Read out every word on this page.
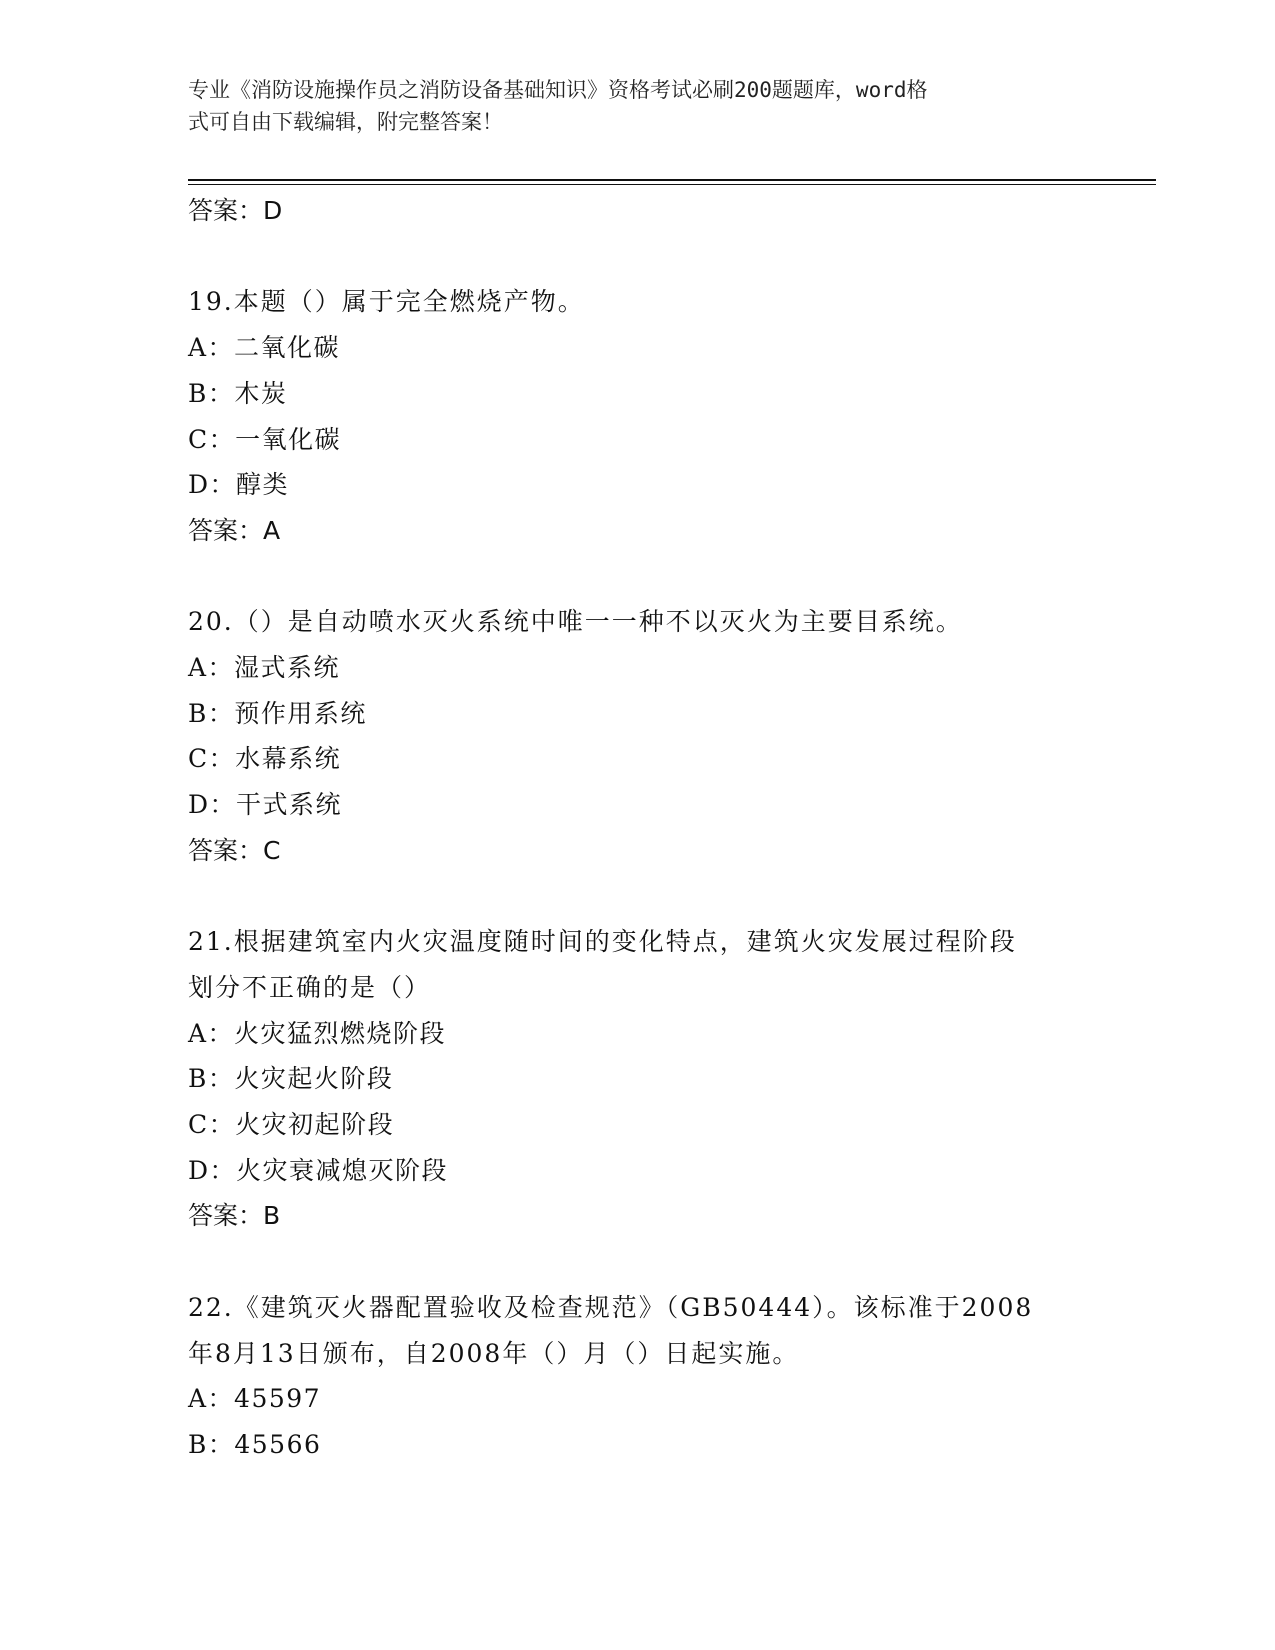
专业《消防设施操作员之消防设备基础知识》资格考试必刷200题题库，word格
式可自由下载编辑，附完整答案！
答案：D
19.本题（）属于完全燃烧产物。
A：二氧化碳
B：木炭
C：一氧化碳
D：醇类
答案：A
20.（）是自动喷水灭火系统中唯一一种不以灭火为主要目系统。
A：湿式系统
B：预作用系统
C：水幕系统
D：干式系统
答案：C
21.根据建筑室内火灾温度随时间的变化特点，建筑火灾发展过程阶段
划分不正确的是（）
A：火灾猛烈燃烧阶段
B：火灾起火阶段
C：火灾初起阶段
D：火灾衰减熄灭阶段
答案：B
22.《建筑灭火器配置验收及检查规范》（GB50444）。该标准于2008
年8月13日颁布，自2008年（）月（）日起实施。
A：45597
B：45566
